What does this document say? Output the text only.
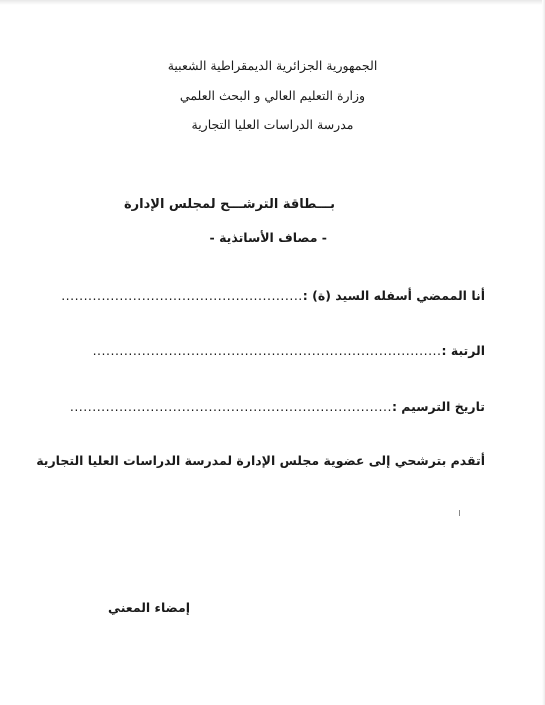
الجمهورية الجزائرية الديمقراطية الشعبية
وزارة التعليم العالي و البحث العلمي
مدرسة الدراسات العليا التجارية
بـــطاقة الترشـــح لمجلس الإدارة
- مصاف الأساتذية -
أنا الممضي أسفله السيد (ة) :
......................................................
الرتبة :
..............................................................................
تاريخ الترسيم :
........................................................................
أتقدم بترشحي إلى عضوية مجلس الإدارة لمدرسة الدراسات العليا التجارية
إمضاء المعني
